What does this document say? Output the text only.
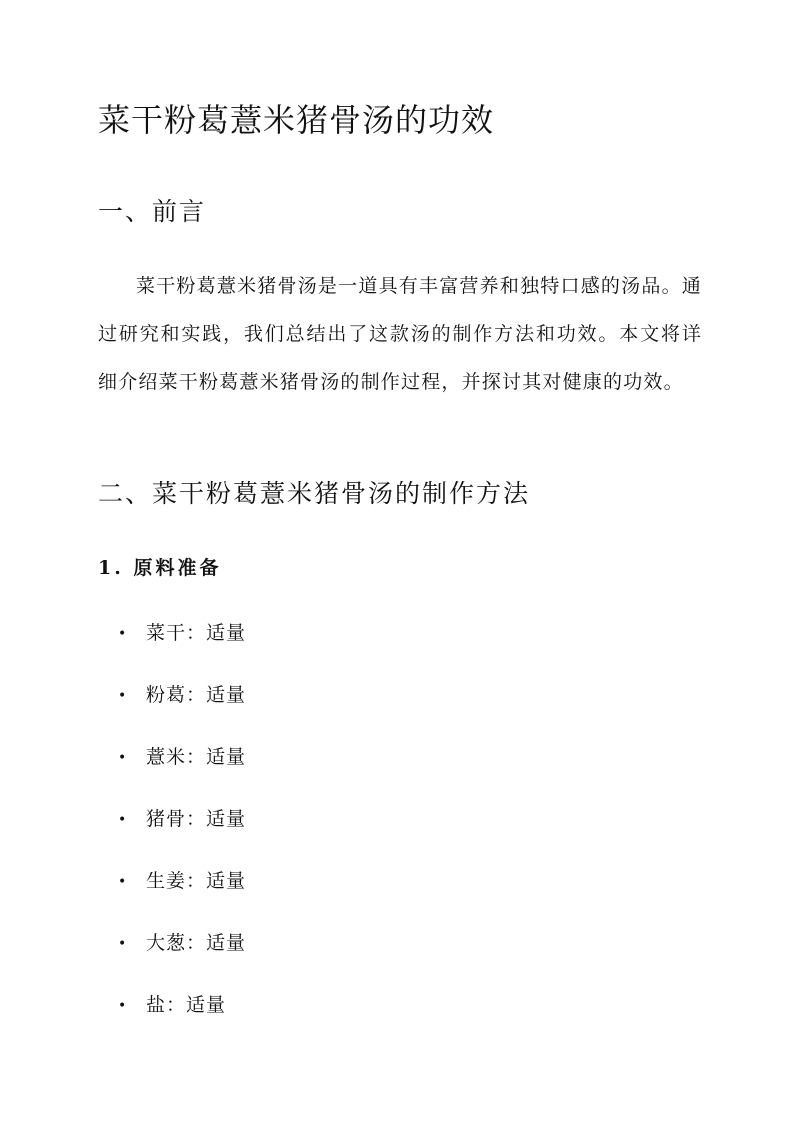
菜干粉葛薏米猪骨汤的功效
一、前言

菜干粉葛薏米猪骨汤是一道具有丰富营养和独特口感的汤品。通过研究和实践，我们总结出了这款汤的制作方法和功效。本文将详细介绍菜干粉葛薏米猪骨汤的制作过程，并探讨其对健康的功效。

二、菜干粉葛薏米猪骨汤的制作方法
1. 原料准备
• 菜干：适量
• 粉葛：适量
• 薏米：适量
• 猪骨：适量
• 生姜：适量
• 大葱：适量
• 盐：适量
